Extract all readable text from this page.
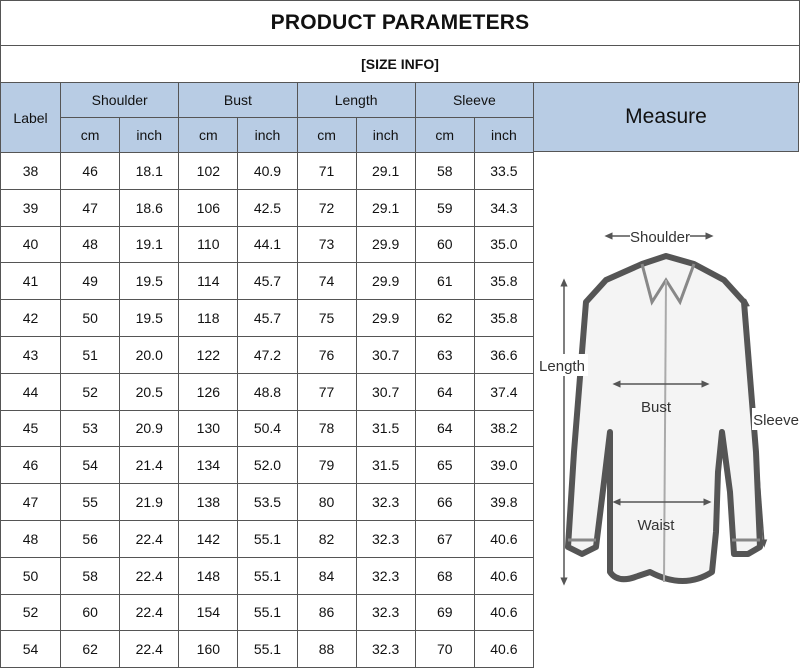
PRODUCT PARAMETERS
[SIZE INFO]
Label	Shoulder		Bust		Length		Sleeve	
	cm	inch	cm	inch	cm	inch	cm	inch
38	46	18.1	102	40.9	71	29.1	58	33.5
39	47	18.6	106	42.5	72	29.1	59	34.3
40	48	19.1	110	44.1	73	29.9	60	35.0
41	49	19.5	114	45.7	74	29.9	61	35.8
42	50	19.5	118	45.7	75	29.9	62	35.8
43	51	20.0	122	47.2	76	30.7	63	36.6
44	52	20.5	126	48.8	77	30.7	64	37.4
45	53	20.9	130	50.4	78	31.5	64	38.2
46	54	21.4	134	52.0	79	31.5	65	39.0
47	55	21.9	138	53.5	80	32.3	66	39.8
48	56	22.4	142	55.1	82	32.3	67	40.6
50	58	22.4	148	55.1	84	32.3	68	40.6
52	60	22.4	154	55.1	86	32.3	69	40.6
54	62	22.4	160	55.1	88	32.3	70	40.6
Measure
Shoulder
Length
Bust
Sleeve
Waist
